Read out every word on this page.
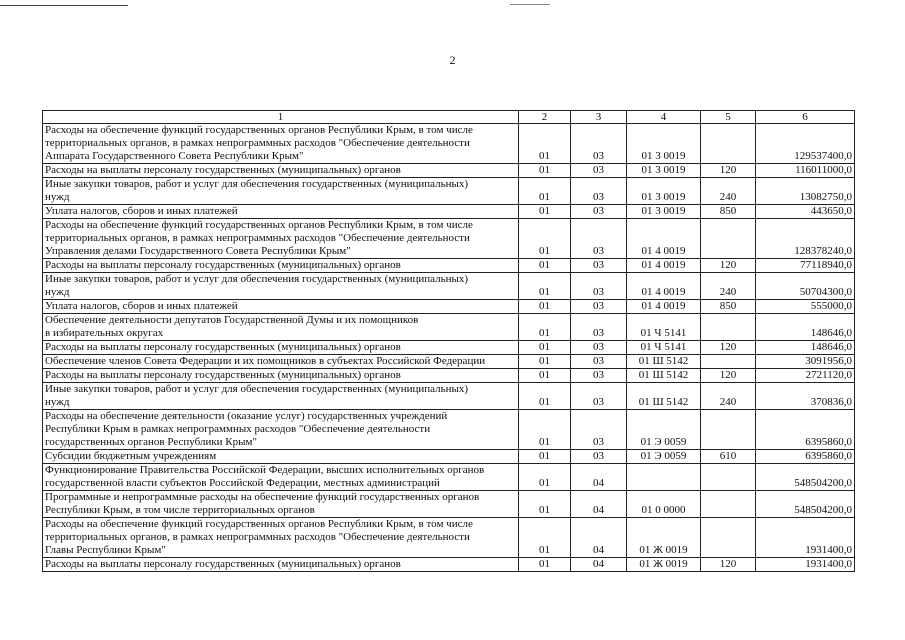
2
1	2	3	4	5	6
Расходы на обеспечение функций государственных органов Республики Крым, в том числе
территориальных органов, в рамках непрограммных расходов "Обеспечение деятельности
Аппарата Государственного Совета Республики Крым"	01	03	01 3 0019		129537400,0
Расходы на выплаты персоналу государственных (муниципальных) органов	01	03	01 3 0019	120	116011000,0
Иные закупки товаров, работ и услуг для обеспечения государственных (муниципальных)
нужд	01	03	01 3 0019	240	13082750,0
Уплата налогов, сборов и иных платежей	01	03	01 3 0019	850	443650,0
Расходы на обеспечение функций государственных органов Республики Крым, в том числе
территориальных органов, в рамках непрограммных расходов "Обеспечение деятельности
Управления делами Государственного Совета Республики Крым"	01	03	01 4 0019		128378240,0
Расходы на выплаты персоналу государственных (муниципальных) органов	01	03	01 4 0019	120	77118940,0
Иные закупки товаров, работ и услуг для обеспечения государственных (муниципальных)
нужд	01	03	01 4 0019	240	50704300,0
Уплата налогов, сборов и иных платежей	01	03	01 4 0019	850	555000,0
Обеспечение деятельности депутатов Государственной Думы и их помощников
в избирательных округах	01	03	01 Ч 5141		148646,0
Расходы на выплаты персоналу государственных (муниципальных) органов	01	03	01 Ч 5141	120	148646,0
Обеспечение членов Совета Федерации и их помощников в субъектах Российской Федерации	01	03	01 Ш 5142		3091956,0
Расходы на выплаты персоналу государственных (муниципальных) органов	01	03	01 Ш 5142	120	2721120,0
Иные закупки товаров, работ и услуг для обеспечения государственных (муниципальных)
нужд	01	03	01 Ш 5142	240	370836,0
Расходы на обеспечение деятельности (оказание услуг) государственных учреждений
Республики Крым в рамках непрограммных расходов "Обеспечение деятельности
государственных органов Республики Крым"	01	03	01 Э 0059		6395860,0
Субсидии бюджетным учреждениям	01	03	01 Э 0059	610	6395860,0
Функционирование Правительства Российской Федерации, высших исполнительных органов
государственной власти субъектов Российской Федерации, местных администраций	01	04			548504200,0
Программные и непрограммные расходы на обеспечение функций государственных органов
Республики Крым, в том числе территориальных органов	01	04	01 0 0000		548504200,0
Расходы на обеспечение функций государственных органов Республики Крым, в том числе
территориальных органов, в рамках непрограммных расходов "Обеспечение деятельности
Главы Республики Крым"	01	04	01 Ж 0019		1931400,0
Расходы на выплаты персоналу государственных (муниципальных) органов	01	04	01 Ж 0019	120	1931400,0
